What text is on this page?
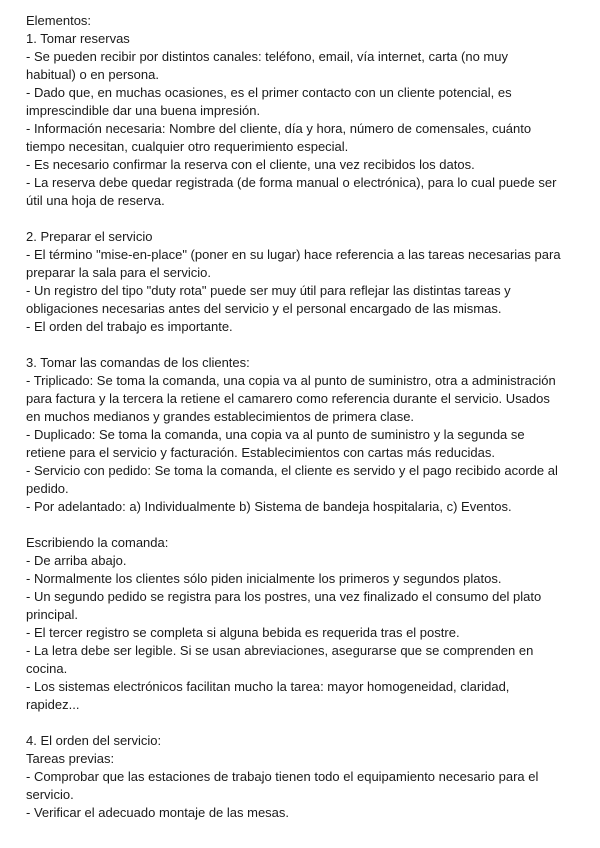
Elementos:
1. Tomar reservas
- Se pueden recibir por distintos canales: teléfono, email, vía internet, carta (no muy
habitual) o en persona.
- Dado que, en muchas ocasiones, es el primer contacto con un cliente potencial, es
imprescindible dar una buena impresión.
- Información necesaria: Nombre del cliente, día y hora, número de comensales, cuánto
tiempo necesitan, cualquier otro requerimiento especial.
- Es necesario confirmar la reserva con el cliente, una vez recibidos los datos.
- La reserva debe quedar registrada (de forma manual o electrónica), para lo cual puede ser
útil una hoja de reserva.
2. Preparar el servicio
- El término "mise-en-place" (poner en su lugar) hace referencia a las tareas necesarias para
preparar la sala para el servicio.
- Un registro del tipo "duty rota" puede ser muy útil para reflejar las distintas tareas y
obligaciones necesarias antes del servicio y el personal encargado de las mismas.
- El orden del trabajo es importante.
3. Tomar las comandas de los clientes:
- Triplicado: Se toma la comanda, una copia va al punto de suministro, otra a administración
para factura y la tercera la retiene el camarero como referencia durante el servicio. Usados
en muchos medianos y grandes establecimientos de primera clase.
- Duplicado: Se toma la comanda, una copia va al punto de suministro y la segunda se
retiene para el servicio y facturación. Establecimientos con cartas más reducidas.
- Servicio con pedido: Se toma la comanda, el cliente es servido y el pago recibido acorde al
pedido.
- Por adelantado: a) Individualmente b) Sistema de bandeja hospitalaria, c) Eventos.
Escribiendo la comanda:
- De arriba abajo.
- Normalmente los clientes sólo piden inicialmente los primeros y segundos platos.
- Un segundo pedido se registra para los postres, una vez finalizado el consumo del plato
principal.
- El tercer registro se completa si alguna bebida es requerida tras el postre.
- La letra debe ser legible. Si se usan abreviaciones, asegurarse que se comprenden en
cocina.
- Los sistemas electrónicos facilitan mucho la tarea: mayor homogeneidad, claridad,
rapidez...
4. El orden del servicio:
Tareas previas:
- Comprobar que las estaciones de trabajo tienen todo el equipamiento necesario para el
servicio.
- Verificar el adecuado montaje de las mesas.
